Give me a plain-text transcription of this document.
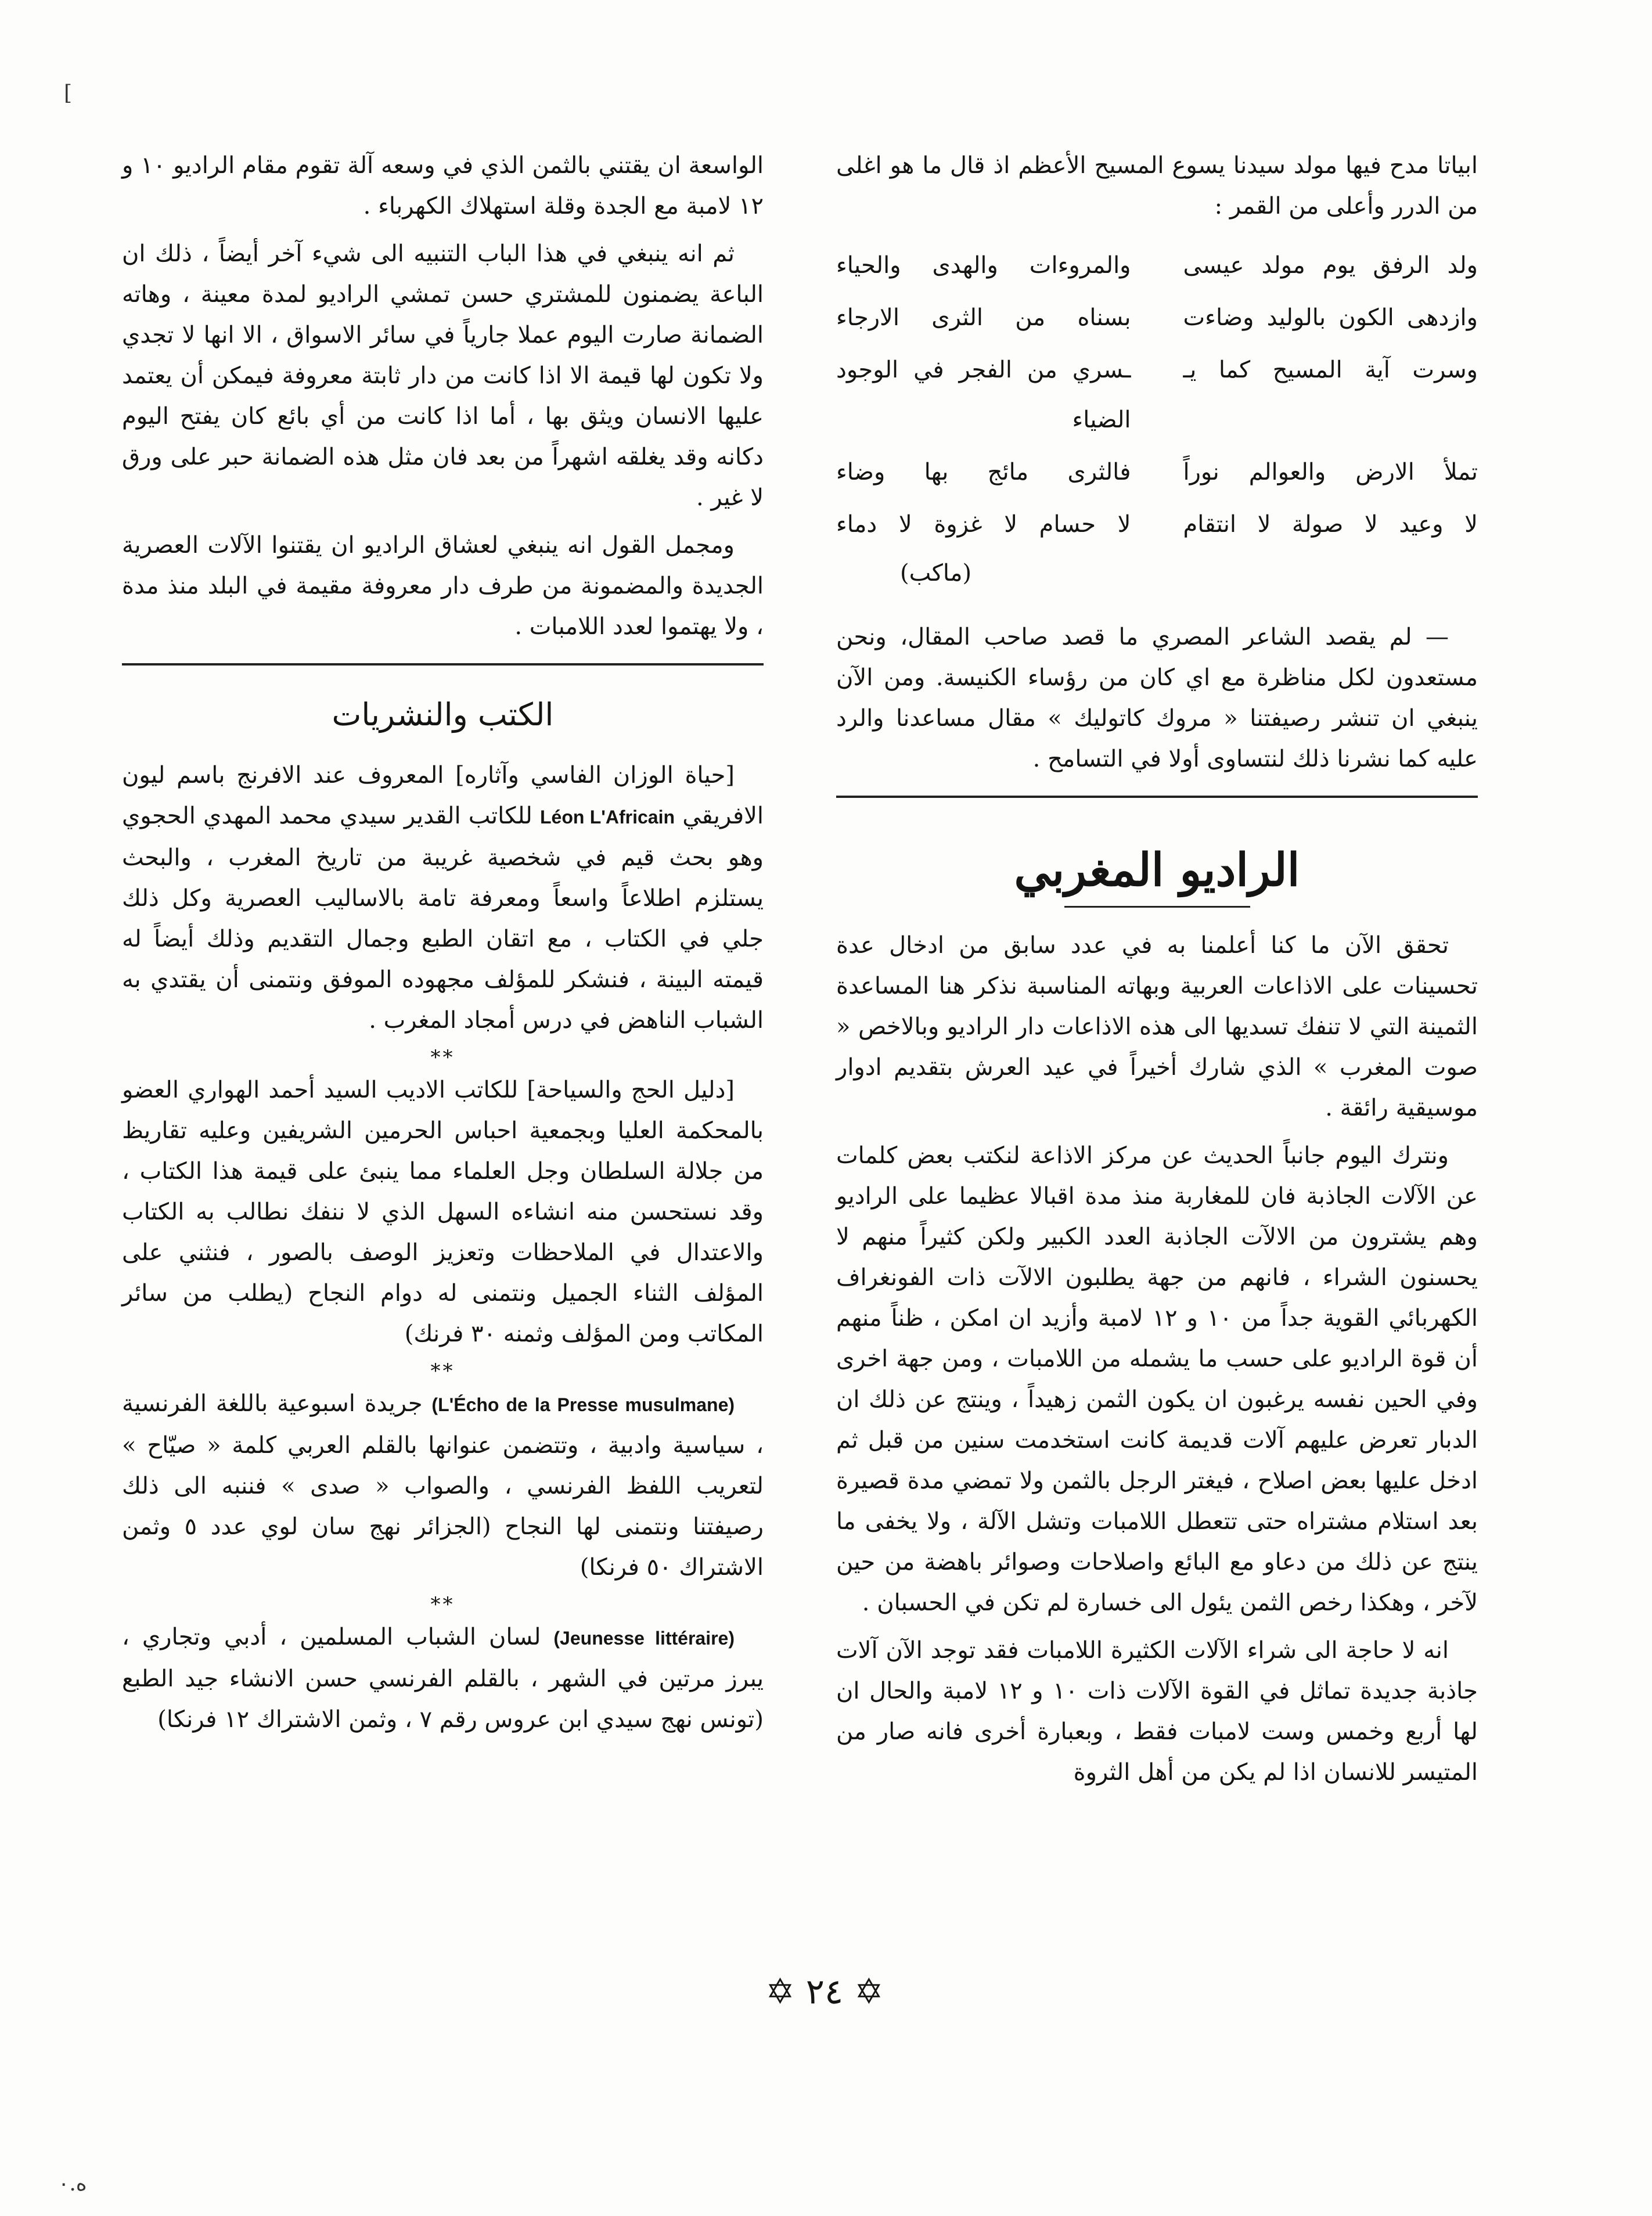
[

ابياتا مدح فيها مولد سيدنا يسوع المسيح الأعظم اذ قال ما هو اغلى من الدرر وأعلى من القمر :

ولد الرفق يوم مولد عيسى
والمروءات والهدى والحياء
وازدهى الكون بالوليد وضاءت
بسناه من الثرى الارجاء
وسرت آية المسيح كما يـ
ـسري من الفجر في الوجود الضياء
تملأ الارض والعوالم نوراً
فالثرى مائج بها وضاء
لا وعيد لا صولة لا انتقام
لا حسام لا غزوة لا دماء
(ماكب)

— لم يقصد الشاعر المصري ما قصد صاحب المقال، ونحن مستعدون لكل مناظرة مع اي كان من رؤساء الكنيسة. ومن الآن ينبغي ان تنشر رصيفتنا « مروك كاتوليك » مقال مساعدنا والرد عليه كما نشرنا ذلك لنتساوى أولا في التسامح .

الراديو المغربي

تحقق الآن ما كنا أعلمنا به في عدد سابق من ادخال عدة تحسينات على الاذاعات العربية وبهاته المناسبة نذكر هنا المساعدة الثمينة التي لا تنفك تسديها الى هذه الاذاعات دار الراديو وبالاخص « صوت المغرب » الذي شارك أخيراً في عيد العرش بتقديم ادوار موسيقية رائقة .

ونترك اليوم جانباً الحديث عن مركز الاذاعة لنكتب بعض كلمات عن الآلات الجاذبة فان للمغاربة منذ مدة اقبالا عظيما على الراديو وهم يشترون من الالآت الجاذبة العدد الكبير ولكن كثيراً منهم لا يحسنون الشراء ، فانهم من جهة يطلبون الالآت ذات الفونغراف الكهربائي القوية جداً من ١٠ و ١٢ لامبة وأزيد ان امكن ، ظناً منهم أن قوة الراديو على حسب ما يشمله من اللامبات ، ومن جهة اخرى وفي الحين نفسه يرغبون ان يكون الثمن زهيداً ، وينتج عن ذلك ان الدبار تعرض عليهم آلات قديمة كانت استخدمت سنين من قبل ثم ادخل عليها بعض اصلاح ، فيغتر الرجل بالثمن ولا تمضي مدة قصيرة بعد استلام مشتراه حتى تتعطل اللامبات وتشل الآلة ، ولا يخفى ما ينتج عن ذلك من دعاو مع البائع واصلاحات وصوائر باهضة من حين لآخر ، وهكذا رخص الثمن يئول الى خسارة لم تكن في الحسبان .

انه لا حاجة الى شراء الآلات الكثيرة اللامبات فقد توجد الآن آلات جاذبة جديدة تماثل في القوة الآلات ذات ١٠ و ١٢ لامبة والحال ان لها أربع وخمس وست لامبات فقط ، وبعبارة أخرى فانه صار من المتيسر للانسان اذا لم يكن من أهل الثروة

الواسعة ان يقتني بالثمن الذي في وسعه آلة تقوم مقام الراديو ١٠ و ١٢ لامبة مع الجدة وقلة استهلاك الكهرباء .

ثم انه ينبغي في هذا الباب التنبيه الى شيء آخر أيضاً ، ذلك ان الباعة يضمنون للمشتري حسن تمشي الراديو لمدة معينة ، وهاته الضمانة صارت اليوم عملا جارياً في سائر الاسواق ، الا انها لا تجدي ولا تكون لها قيمة الا اذا كانت من دار ثابتة معروفة فيمكن أن يعتمد عليها الانسان ويثق بها ، أما اذا كانت من أي بائع كان يفتح اليوم دكانه وقد يغلقه اشهراً من بعد فان مثل هذه الضمانة حبر على ورق لا غير .

ومجمل القول انه ينبغي لعشاق الراديو ان يقتنوا الآلات العصرية الجديدة والمضمونة من طرف دار معروفة مقيمة في البلد منذ مدة ، ولا يهتموا لعدد اللامبات .

الكتب والنشريات

[حياة الوزان الفاسي وآثاره] المعروف عند الافرنج باسم ليون الافريقي Léon L'Africain للكاتب القدير سيدي محمد المهدي الحجوي وهو بحث قيم في شخصية غريبة من تاريخ المغرب ، والبحث يستلزم اطلاعاً واسعاً ومعرفة تامة بالاساليب العصرية وكل ذلك جلي في الكتاب ، مع اتقان الطبع وجمال التقديم وذلك أيضاً له قيمته البينة ، فنشكر للمؤلف مجهوده الموفق ونتمنى أن يقتدي به الشباب الناهض في درس أمجاد المغرب .

**

[دليل الحج والسياحة] للكاتب الاديب السيد أحمد الهواري العضو بالمحكمة العليا وبجمعية احباس الحرمين الشريفين وعليه تقاريظ من جلالة السلطان وجل العلماء مما ينبئ على قيمة هذا الكتاب ، وقد نستحسن منه انشاءه السهل الذي لا ننفك نطالب به الكتاب والاعتدال في الملاحظات وتعزيز الوصف بالصور ، فنثني على المؤلف الثناء الجميل ونتمنى له دوام النجاح (يطلب من سائر المكاتب ومن المؤلف وثمنه ٣٠ فرنك)

**

(L'Écho de la Presse musulmane) جريدة اسبوعية باللغة الفرنسية ، سياسية وادبية ، وتتضمن عنوانها بالقلم العربي كلمة « صيّاح » لتعريب اللفظ الفرنسي ، والصواب « صدى » فننبه الى ذلك رصيفتنا ونتمنى لها النجاح (الجزائر نهج سان لوي عدد ٥ وثمن الاشتراك ٥٠ فرنكا)

**

(Jeunesse littéraire) لسان الشباب المسلمين ، أدبي وتجاري ، يبرز مرتين في الشهر ، بالقلم الفرنسي حسن الانشاء جيد الطبع (تونس نهج سيدي ابن عروس رقم ٧ ، وثمن الاشتراك ١٢ فرنكا)

✡ ٢٤ ✡
ه.٠
